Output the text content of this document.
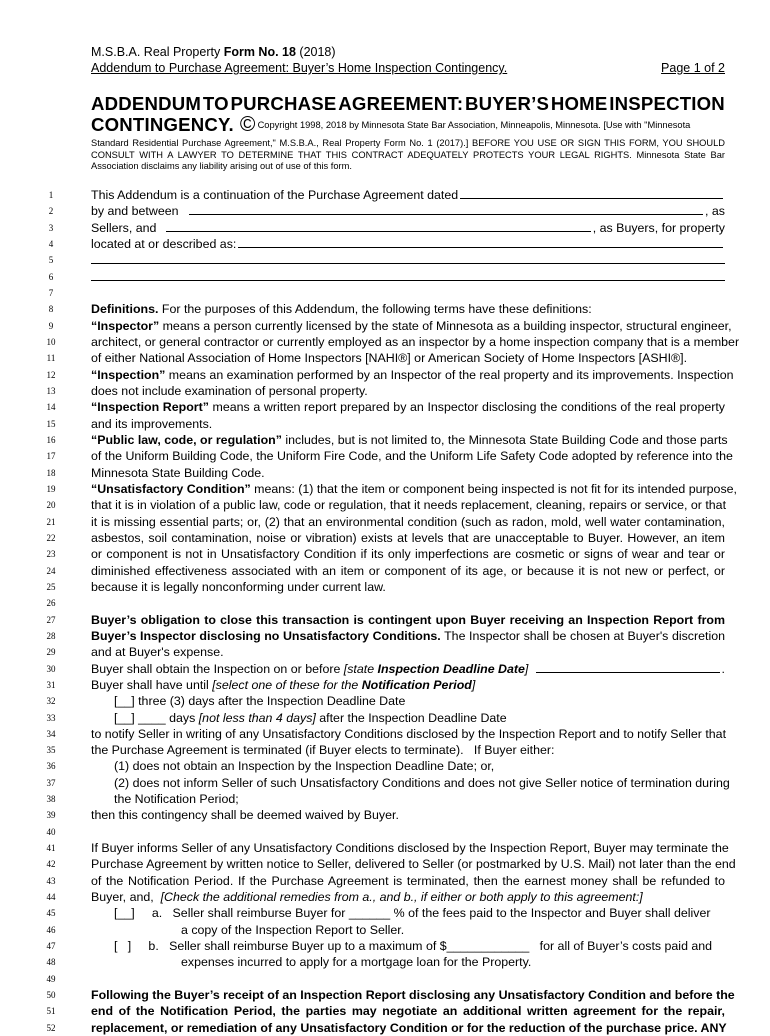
M.S.B.A. Real Property Form No. 18 (2018)
Addendum to Purchase Agreement: Buyer’s Home Inspection Contingency.	Page 1 of 2
ADDENDUM TO PURCHASE AGREEMENT: BUYER’S HOME INSPECTION
CONTINGENCY. © Copyright 1998, 2018 by Minnesota State Bar Association, Minneapolis, Minnesota. [Use with "Minnesota
Standard Residential Purchase Agreement," M.S.B.A., Real Property Form No. 1 (2017).] BEFORE YOU USE OR SIGN THIS FORM, YOU SHOULD CONSULT WITH A LAWYER TO DETERMINE THAT THIS CONTRACT ADEQUATELY PROTECTS YOUR LEGAL RIGHTS. Minnesota State Bar Association disclaims any liability arising out of use of this form.
1
2
3
4
5
6
7
8
9
10
11
12
13
14
15
16
17
18
19
20
21
22
23
24
25
26
27
28
29
30
31
32
33
34
35
36
37
38
39
40
41
42
43
44
45
46
47
48
49
50
51
52
This Addendum is a continuation of the Purchase Agreement dated
by and between	, as
Sellers, and	, as Buyers, for property
located at or described as:
Definitions. For the purposes of this Addendum, the following terms have these definitions:
“Inspector” means a person currently licensed by the state of Minnesota as a building inspector, structural engineer,
architect, or general contractor or currently employed as an inspector by a home inspection company that is a member
of either National Association of Home Inspectors [NAHI®] or American Society of Home Inspectors [ASHI®].
“Inspection” means an examination performed by an Inspector of the real property and its improvements. Inspection
does not include examination of personal property.
“Inspection Report” means a written report prepared by an Inspector disclosing the conditions of the real property
and its improvements.
“Public law, code, or regulation” includes, but is not limited to, the Minnesota State Building Code and those parts
of the Uniform Building Code, the Uniform Fire Code, and the Uniform Life Safety Code adopted by reference into the
Minnesota State Building Code.
“Unsatisfactory Condition” means: (1) that the item or component being inspected is not fit for its intended purpose,
that it is in violation of a public law, code or regulation, that it needs replacement, cleaning, repairs or service, or that
it is missing essential parts; or, (2) that an environmental condition (such as radon, mold, well water contamination,
asbestos, soil contamination, noise or vibration) exists at levels that are unacceptable to Buyer. However, an item
or component is not in Unsatisfactory Condition if its only imperfections are cosmetic or signs of wear and tear or
diminished effectiveness associated with an item or component of its age, or because it is not new or perfect, or
because it is legally nonconforming under current law.
Buyer’s obligation to close this transaction is contingent upon Buyer receiving an Inspection Report from
Buyer’s Inspector disclosing no Unsatisfactory Conditions. The Inspector shall be chosen at Buyer's discretion
and at Buyer's expense.
Buyer shall obtain the Inspection on or before [state Inspection Deadline Date ]	.
Buyer shall have until [select one of these for the Notification Period]
[__] three (3) days after the Inspection Deadline Date
[__] ____ days [not less than 4 days] after the Inspection Deadline Date
to notify Seller in writing of any Unsatisfactory Conditions disclosed by the Inspection Report and to notify Seller that
the Purchase Agreement is terminated (if Buyer elects to terminate).   If Buyer either:
(1) does not obtain an Inspection by the Inspection Deadline Date; or,
(2) does not inform Seller of such Unsatisfactory Conditions and does not give Seller notice of termination during
the Notification Period;
then this contingency shall be deemed waived by Buyer.
If Buyer informs Seller of any Unsatisfactory Conditions disclosed by the Inspection Report, Buyer may terminate the
Purchase Agreement by written notice to Seller, delivered to Seller (or postmarked by U.S. Mail) not later than the end
of the Notification Period. If the Purchase Agreement is terminated, then the earnest money shall be refunded to
Buyer, and,  [Check the additional remedies from a., and b., if either or both apply to this agreement:]
[__]     a.   Seller shall reimburse Buyer for ______ % of the fees paid to the Inspector and Buyer shall deliver
a copy of the Inspection Report to Seller.
[   ]     b.   Seller shall reimburse Buyer up to a maximum of $____________   for all of Buyer’s costs paid and
expenses incurred to apply for a mortgage loan for the Property.
Following the Buyer’s receipt of an Inspection Report disclosing any Unsatisfactory Condition and before the
end of the Notification Period, the parties may negotiate an additional written agreement for the repair,
replacement, or remediation of any Unsatisfactory Condition or for the reduction of the purchase price. ANY
